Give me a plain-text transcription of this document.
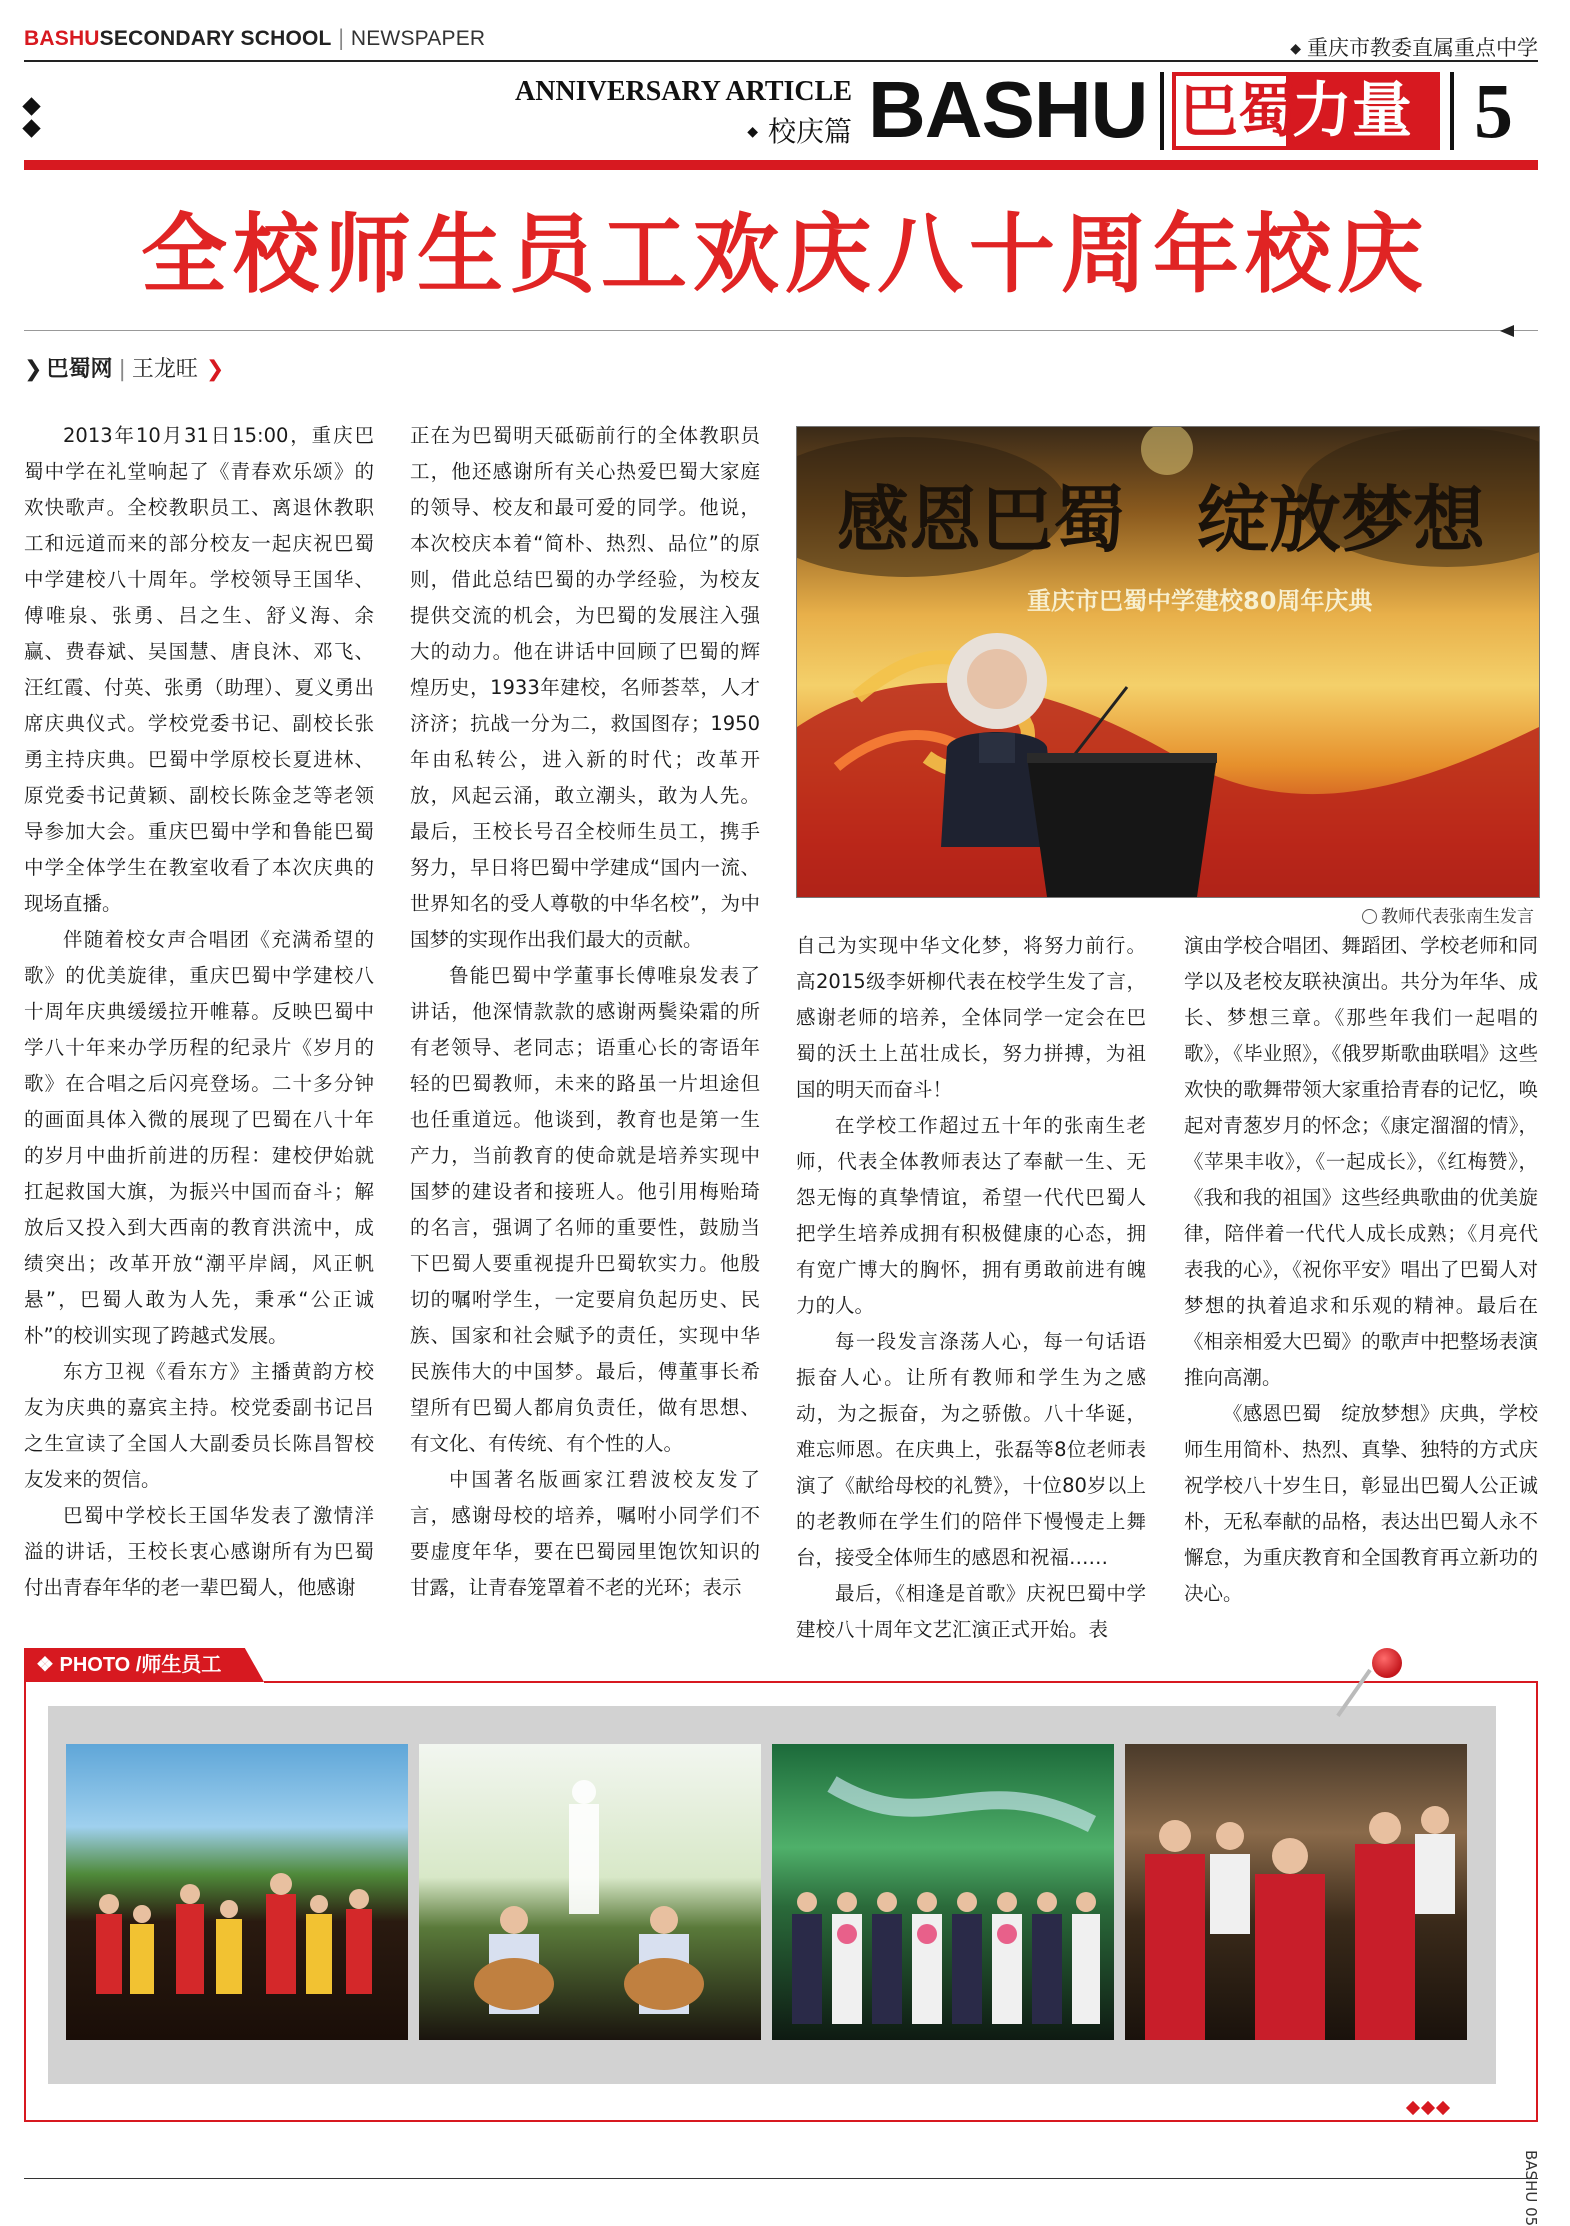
BASHUSECONDARY SCHOOL | NEWSPAPER	◆ 重庆市教委直属重点中学
ANNIVERSARY ARTICLE
◆ 校庆篇 BASHU 巴蜀
力量 5
全校师生员工欢庆八十周年校庆
❯ 巴蜀网 | 王龙旺 ❯

2013年10月31日15:00，重庆巴蜀中学在礼堂响起了《青春欢乐颂》的欢快歌声。全校教职员工、离退休教职工和远道而来的部分校友一起庆祝巴蜀中学建校八十周年。学校领导王国华、傅唯泉、张勇、吕之生、舒义海、余赢、费春斌、吴国慧、唐良沐、邓飞、汪红霞、付英、张勇（助理）、夏义勇出席庆典仪式。学校党委书记、副校长张勇主持庆典。巴蜀中学原校长夏进林、原党委书记黄颖、副校长陈金芝等老领导参加大会。重庆巴蜀中学和鲁能巴蜀中学全体学生在教室收看了本次庆典的现场直播。

伴随着校女声合唱团《充满希望的歌》的优美旋律，重庆巴蜀中学建校八十周年庆典缓缓拉开帷幕。反映巴蜀中学八十年来办学历程的纪录片《岁月的歌》在合唱之后闪亮登场。二十多分钟的画面具体入微的展现了巴蜀在八十年的岁月中曲折前进的历程：建校伊始就扛起救国大旗，为振兴中国而奋斗；解放后又投入到大西南的教育洪流中，成绩突出；改革开放“潮平岸阔，风正帆悬”，巴蜀人敢为人先，秉承“公正诚朴”的校训实现了跨越式发展。

东方卫视《看东方》主播黄韵方校友为庆典的嘉宾主持。校党委副书记吕之生宣读了全国人大副委员长陈昌智校友发来的贺信。

巴蜀中学校长王国华发表了激情洋溢的讲话，王校长衷心感谢所有为巴蜀付出青春年华的老一辈巴蜀人，他感谢

正在为巴蜀明天砥砺前行的全体教职员工，他还感谢所有关心热爱巴蜀大家庭的领导、校友和最可爱的同学。他说，本次校庆本着“简朴、热烈、品位”的原则，借此总结巴蜀的办学经验，为校友提供交流的机会，为巴蜀的发展注入强大的动力。他在讲话中回顾了巴蜀的辉煌历史，1933年建校，名师荟萃，人才济济；抗战一分为二，救国图存；1950年由私转公，进入新的时代；改革开放，风起云涌，敢立潮头，敢为人先。最后，王校长号召全校师生员工，携手努力，早日将巴蜀中学建成“国内一流、世界知名的受人尊敬的中华名校”，为中国梦的实现作出我们最大的贡献。

鲁能巴蜀中学董事长傅唯泉发表了讲话，他深情款款的感谢两鬓染霜的所有老领导、老同志；语重心长的寄语年轻的巴蜀教师，未来的路虽一片坦途但也任重道远。他谈到，教育也是第一生产力，当前教育的使命就是培养实现中国梦的建设者和接班人。他引用梅贻琦的名言，强调了名师的重要性，鼓励当下巴蜀人要重视提升巴蜀软实力。他殷切的嘱咐学生，一定要肩负起历史、民族、国家和社会赋予的责任，实现中华民族伟大的中国梦。最后，傅董事长希望所有巴蜀人都肩负责任，做有思想、有文化、有传统、有个性的人。

中国著名版画家江碧波校友发了言，感谢母校的培养，嘱咐小同学们不要虚度年华，要在巴蜀园里饱饮知识的甘露，让青春笼罩着不老的光环；表示

感恩巴蜀　绽放梦想
重庆市巴蜀中学建校80周年庆典
教师代表张南生发言

自己为实现中华文化梦，将努力前行。高2015级李妍柳代表在校学生发了言，感谢老师的培养，全体同学一定会在巴蜀的沃土上茁壮成长，努力拼搏，为祖国的明天而奋斗！

在学校工作超过五十年的张南生老师，代表全体教师表达了奉献一生、无怨无悔的真挚情谊，希望一代代巴蜀人把学生培养成拥有积极健康的心态，拥有宽广博大的胸怀，拥有勇敢前进有魄力的人。

每一段发言涤荡人心，每一句话语振奋人心。让所有教师和学生为之感动，为之振奋，为之骄傲。八十华诞，难忘师恩。在庆典上，张磊等8位老师表演了《献给母校的礼赞》，十位80岁以上的老教师在学生们的陪伴下慢慢走上舞台，接受全体师生的感恩和祝福……

最后，《相逢是首歌》庆祝巴蜀中学建校八十周年文艺汇演正式开始。表

演由学校合唱团、舞蹈团、学校老师和同学以及老校友联袂演出。共分为年华、成长、梦想三章。《那些年我们一起唱的歌》，《毕业照》，《俄罗斯歌曲联唱》这些欢快的歌舞带领大家重拾青春的记忆，唤起对青葱岁月的怀念；《康定溜溜的情》，《苹果丰收》，《一起成长》，《红梅赞》，《我和我的祖国》这些经典歌曲的优美旋律，陪伴着一代代人成长成熟；《月亮代表我的心》，《祝你平安》唱出了巴蜀人对梦想的执着追求和乐观的精神。最后在《相亲相爱大巴蜀》的歌声中把整场表演推向高潮。

《感恩巴蜀　绽放梦想》庆典，学校师生用简朴、热烈、真挚、独特的方式庆祝学校八十岁生日，彰显出巴蜀人公正诚朴，无私奉献的品格，表达出巴蜀人永不懈怠，为重庆教育和全国教育再立新功的决心。

❖ PHOTO /师生员工
BASHU 05
